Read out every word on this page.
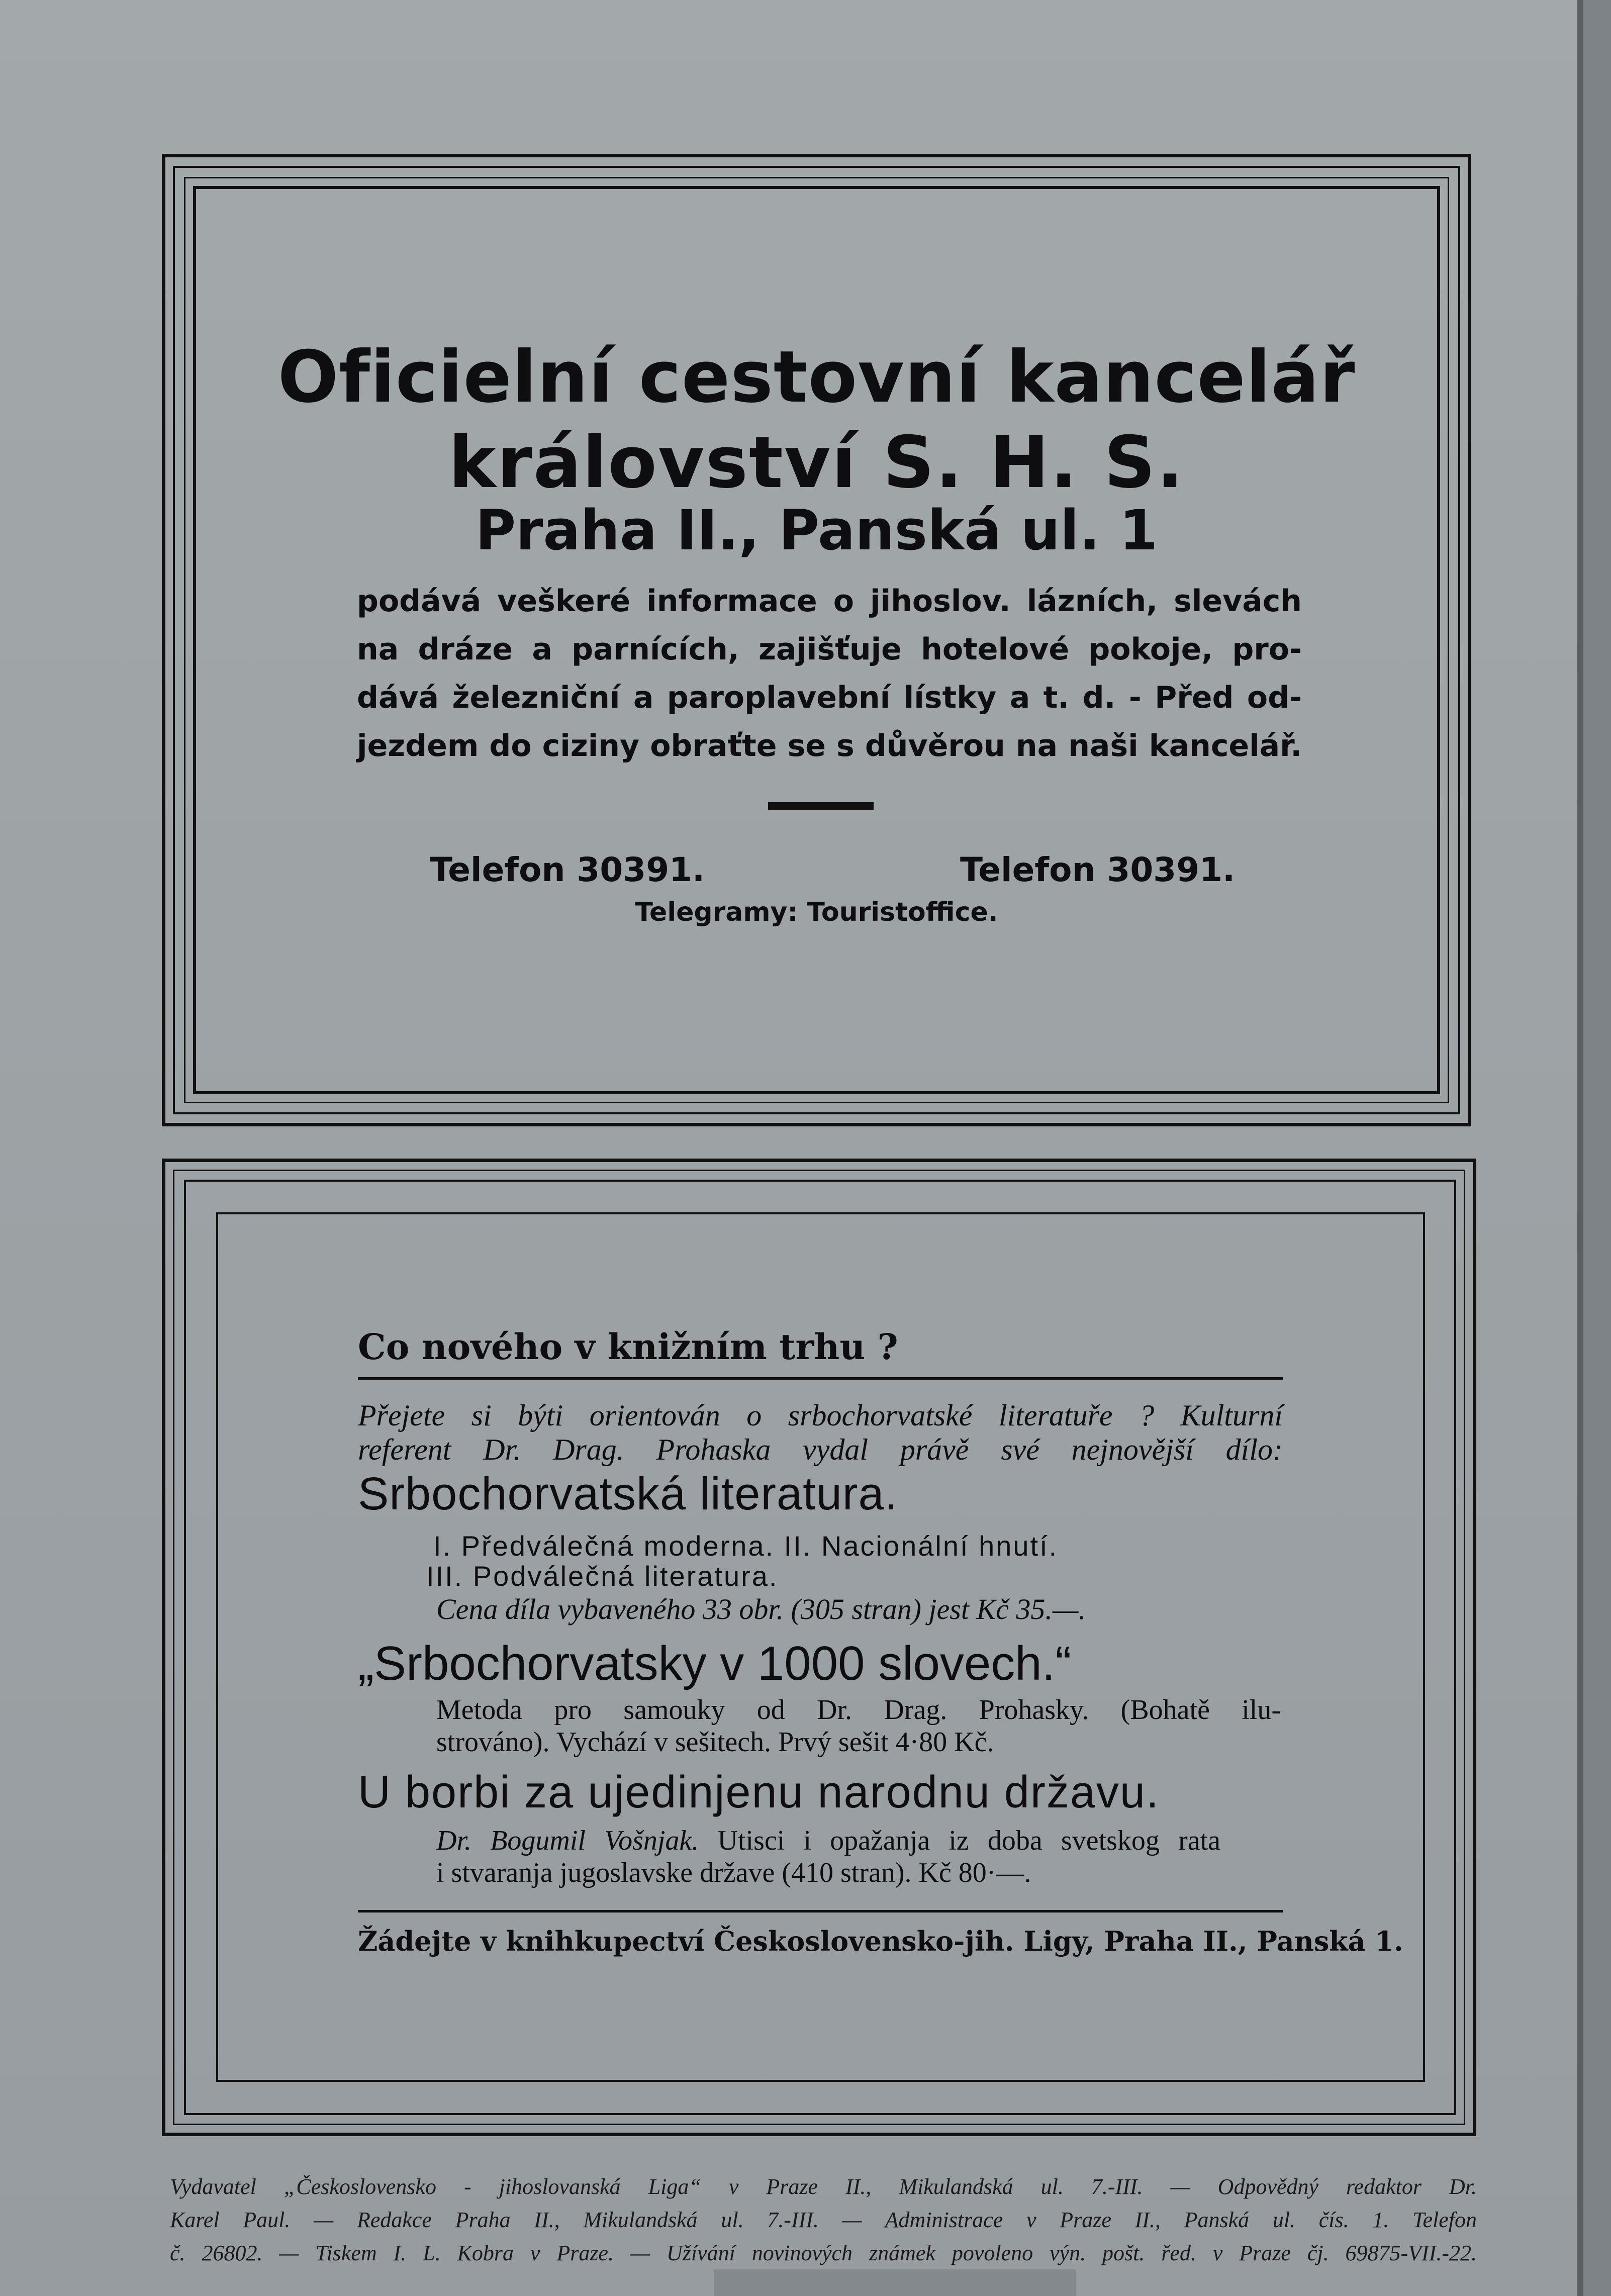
Oficielní cestovní kancelář
království S. H. S.
Praha II., Panská ul. 1
podává veškeré informace o jihoslov. lázních, slevách
na dráze a parnících, zajišťuje hotelové pokoje, pro-
dává železniční a paroplavební lístky a t. d. - Před od-
jezdem do ciziny obraťte se s důvěrou na naši kancelář.
Telefon 30391.	Telefon 30391.
Telegramy: Touristoffice.
Co nového v knižním trhu ?
Přejete si býti orientován o srbochorvatské literatuře ? Kulturní
referent Dr. Drag. Prohaska vydal právě své nejnovější dílo:
Srbochorvatská literatura.
I. Předválečná moderna. II. Nacionální hnutí.
III. Podválečná literatura.
Cena díla vybaveného 33 obr. (305 stran) jest Kč 35.—.
„Srbochorvatsky v 1000 slovech.“
Metoda pro samouky od Dr. Drag. Prohasky. (Bohatě ilu-
strováno). Vychází v sešitech. Prvý sešit 4·80 Kč.
U borbi za ujedinjenu narodnu državu.
Dr. Bogumil Vošnjak. Utisci i opažanja iz doba svetskog rata
i stvaranja jugoslavske države (410 stran). Kč 80·—.
Žádejte v knihkupectví Československo-jih. Ligy, Praha II., Panská 1.
Vydavatel „Československo - jihoslovanská Liga“ v Praze II., Mikulandská ul. 7.-III. — Odpovědný redaktor Dr.
Karel Paul. — Redakce Praha II., Mikulandská ul. 7.-III. — Administrace v Praze II., Panská ul. čís. 1. Telefon
č. 26802. — Tiskem I. L. Kobra v Praze. — Užívání novinových známek povoleno výn. pošt. řed. v Praze čj. 69875-VII.-22.
